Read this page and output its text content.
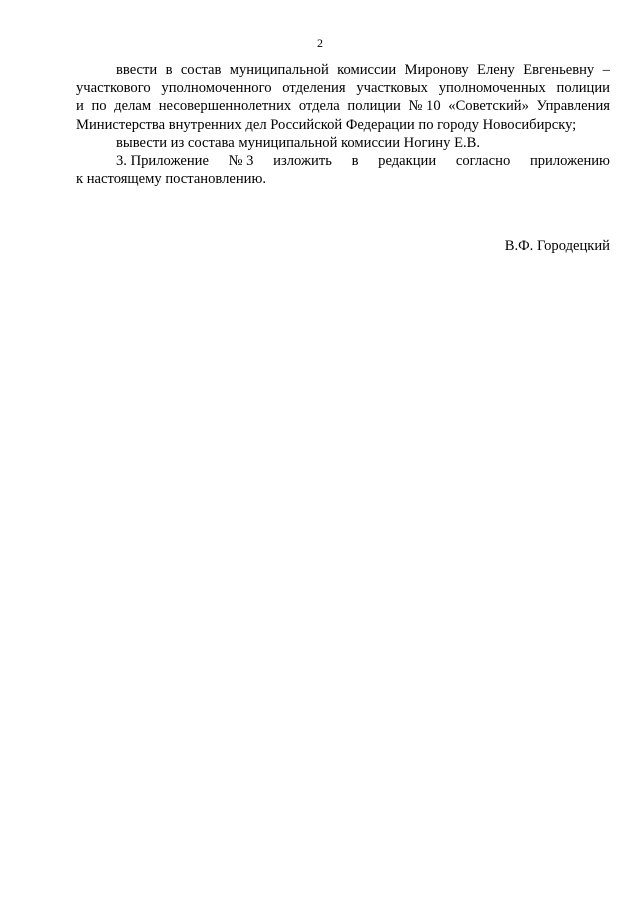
2
ввести в состав муниципальной комиссии Миронову Елену Евгеньевну –
участкового уполномоченного отделения участковых уполномоченных полиции
и по делам несовершеннолетних отдела полиции № 10 «Советский» Управления
Министерства внутренних дел Российской Федерации по городу Новосибирску;
вывести из состава муниципальной комиссии Ногину Е.В.
3. Приложение № 3 изложить в редакции согласно приложению
к настоящему постановлению.
В.Ф. Городецкий
